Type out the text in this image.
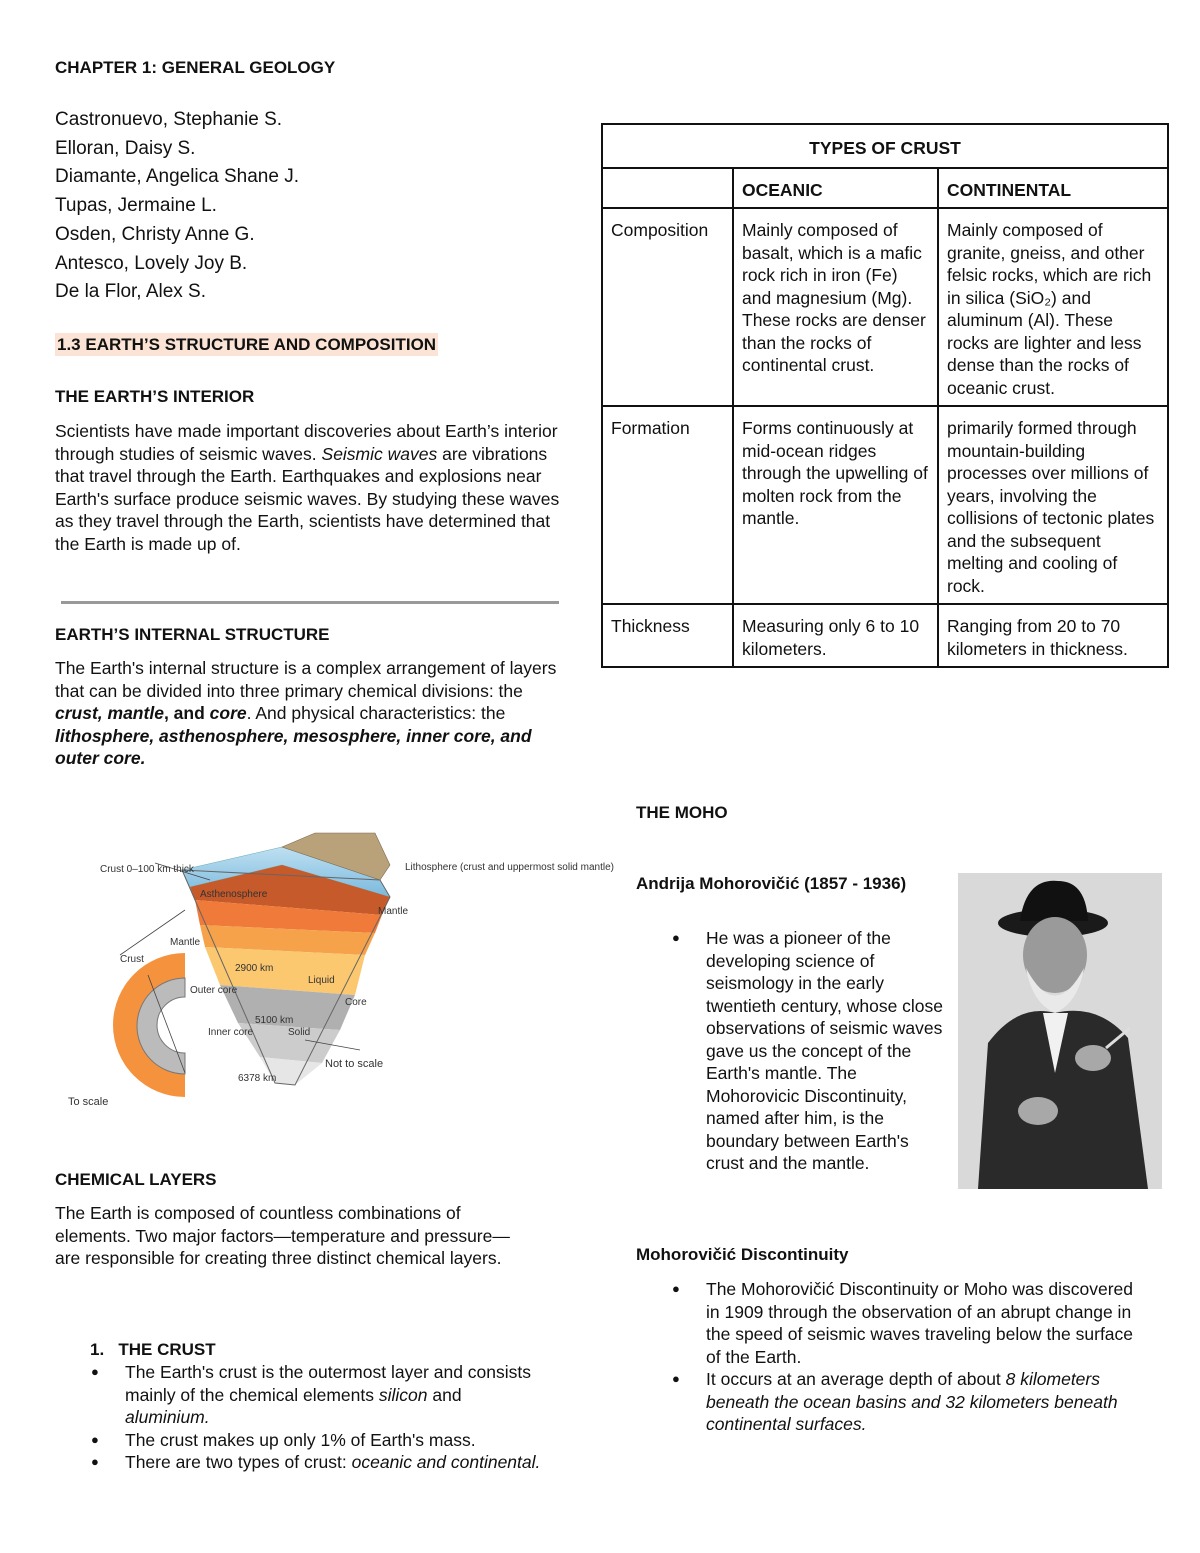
CHAPTER 1: GENERAL GEOLOGY
Castronuevo, Stephanie S.
Elloran, Daisy S.
Diamante, Angelica Shane J.
Tupas, Jermaine L.
Osden, Christy Anne G.
Antesco, Lovely Joy B.
De la Flor, Alex S.
1.3 EARTH’S STRUCTURE AND COMPOSITION
THE EARTH’S INTERIOR
Scientists have made important discoveries about Earth’s interior through studies of seismic waves. Seismic waves are vibrations that travel through the Earth. Earthquakes and explosions near Earth's surface produce seismic waves. By studying these waves as they travel through the Earth, scientists have determined that the Earth is made up of.
EARTH’S INTERNAL STRUCTURE
The Earth's internal structure is a complex arrangement of layers that can be divided into three primary chemical divisions: the crust, mantle, and core. And physical characteristics: the lithosphere, asthenosphere, mesosphere, inner core, and outer core.
Crust 0–100 km thick	Lithosphere (crust and uppermost solid mantle)
Asthenosphere
Mantle
Mantle
Crust
2900 km
Liquid
Outer core
Core
5100 km
Solid
Inner core
6378 km
Not to scale
To scale
CHEMICAL LAYERS
The Earth is composed of countless combinations of elements. Two major factors—temperature and pressure—are responsible for creating three distinct chemical layers.
1. THE CRUST
● The Earth's crust is the outermost layer and consists mainly of the chemical elements silicon and aluminium.
● The crust makes up only 1% of Earth's mass.
● There are two types of crust: oceanic and continental.
TYPES OF CRUST		
	OCEANIC	CONTINENTAL
Composition	Mainly composed of basalt, which is a mafic rock rich in iron (Fe) and magnesium (Mg). These rocks are denser than the rocks of continental crust.	Mainly composed of granite, gneiss, and other felsic rocks, which are rich in silica (SiO₂) and aluminum (Al). These rocks are lighter and less dense than the rocks of oceanic crust.
Formation	Forms continuously at mid-ocean ridges through the upwelling of molten rock from the mantle.	primarily formed through mountain-building processes over millions of years, involving the collisions of tectonic plates and the subsequent melting and cooling of rock.
Thickness	Measuring only 6 to 10 kilometers.	Ranging from 20 to 70 kilometers in thickness.
THE MOHO
Andrija Mohorovičić (1857 - 1936)
● He was a pioneer of the developing science of seismology in the early twentieth century, whose close observations of seismic waves gave us the concept of the Earth's mantle. The Mohorovicic Discontinuity, named after him, is the boundary between Earth's crust and the mantle.
Mohorovičić Discontinuity
● The Mohorovičić Discontinuity or Moho was discovered in 1909 through the observation of an abrupt change in the speed of seismic waves traveling below the surface of the Earth.
● It occurs at an average depth of about 8 kilometers beneath the ocean basins and 32 kilometers beneath continental surfaces.
